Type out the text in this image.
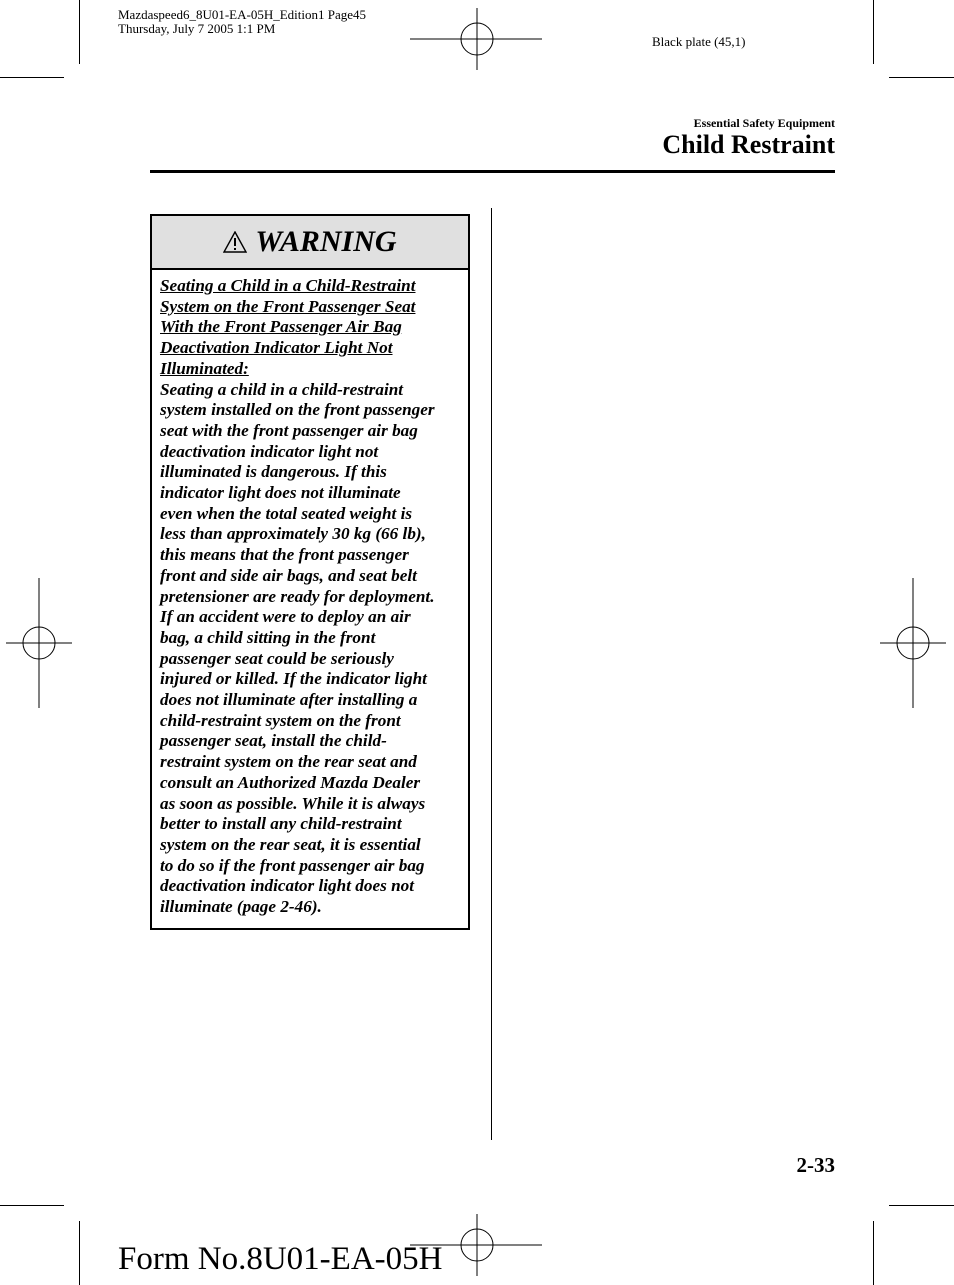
Mazdaspeed6_8U01-EA-05H_Edition1 Page45
Thursday, July 7 2005 1:1 PM
Black plate (45,1)
Essential Safety Equipment
Child Restraint
WARNING
Seating a Child in a Child-Restraint
System on the Front Passenger Seat
With the Front Passenger Air Bag
Deactivation Indicator Light Not
Illuminated:
Seating a child in a child-restraint
system installed on the front passenger
seat with the front passenger air bag
deactivation indicator light not
illuminated is dangerous. If this
indicator light does not illuminate
even when the total seated weight is
less than approximately 30 kg (66 lb),
this means that the front passenger
front and side air bags, and seat belt
pretensioner are ready for deployment.
If an accident were to deploy an air
bag, a child sitting in the front
passenger seat could be seriously
injured or killed. If the indicator light
does not illuminate after installing a
child-restraint system on the front
passenger seat, install the child-
restraint system on the rear seat and
consult an Authorized Mazda Dealer
as soon as possible. While it is always
better to install any child-restraint
system on the rear seat, it is essential
to do so if the front passenger air bag
deactivation indicator light does not
illuminate (page 2-46).
2-33
Form No.8U01-EA-05H
